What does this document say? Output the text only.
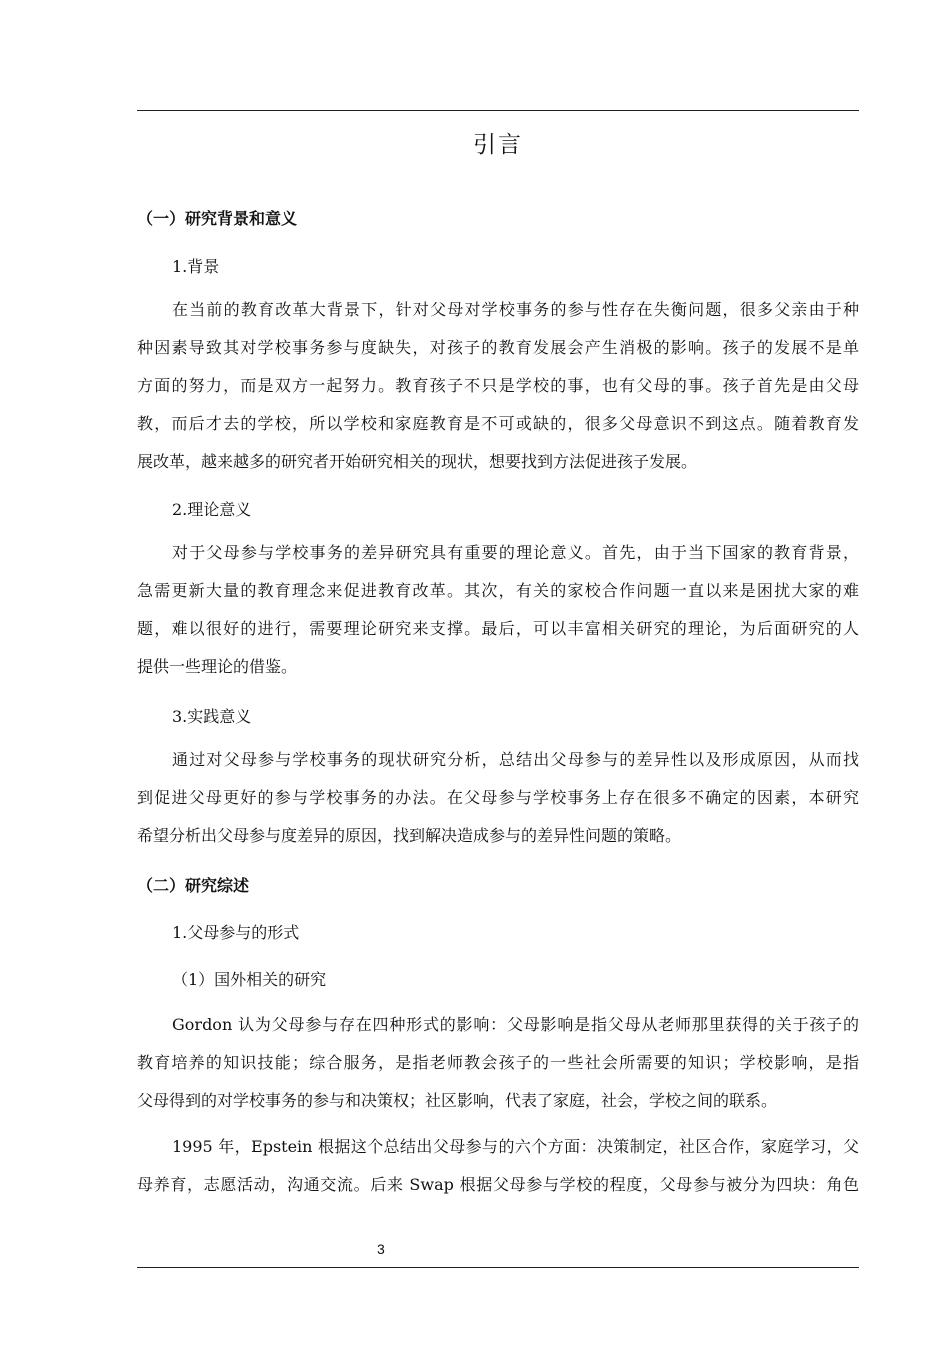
引言
（一）研究背景和意义
1.背景
在当前的教育改革大背景下，针对父母对学校事务的参与性存在失衡问题，很多父亲由于种
种因素导致其对学校事务参与度缺失，对孩子的教育发展会产生消极的影响。孩子的发展不是单
方面的努力，而是双方一起努力。教育孩子不只是学校的事，也有父母的事。孩子首先是由父母
教，而后才去的学校，所以学校和家庭教育是不可或缺的，很多父母意识不到这点。随着教育发
展改革，越来越多的研究者开始研究相关的现状，想要找到方法促进孩子发展。
2.理论意义
对于父母参与学校事务的差异研究具有重要的理论意义。首先，由于当下国家的教育背景，
急需更新大量的教育理念来促进教育改革。其次，有关的家校合作问题一直以来是困扰大家的难
题，难以很好的进行，需要理论研究来支撑。最后，可以丰富相关研究的理论，为后面研究的人
提供一些理论的借鉴。
3.实践意义
通过对父母参与学校事务的现状研究分析，总结出父母参与的差异性以及形成原因，从而找
到促进父母更好的参与学校事务的办法。在父母参与学校事务上存在很多不确定的因素，本研究
希望分析出父母参与度差异的原因，找到解决造成参与的差异性问题的策略。
（二）研究综述
1.父母参与的形式
（1）国外相关的研究
Gordon 认为父母参与存在四种形式的影响：父母影响是指父母从老师那里获得的关于孩子的
教育培养的知识技能；综合服务，是指老师教会孩子的一些社会所需要的知识；学校影响，是指
父母得到的对学校事务的参与和决策权；社区影响，代表了家庭，社会，学校之间的联系。
1995 年，Epstein 根据这个总结出父母参与的六个方面：决策制定，社区合作，家庭学习，父
母养育，志愿活动，沟通交流。后来 Swap 根据父母参与学校的程度，父母参与被分为四块：角色
3
